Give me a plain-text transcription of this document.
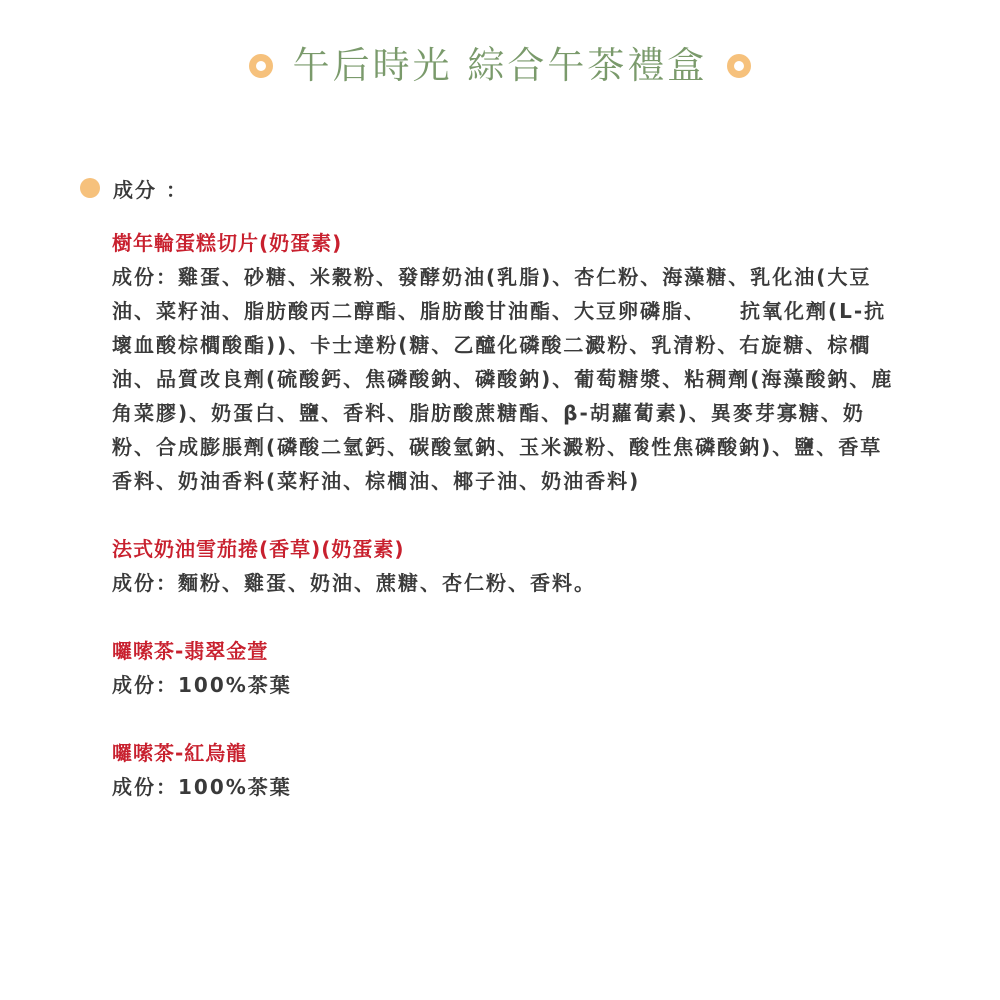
午后時光 綜合午茶禮盒
成分 ：
樹年輪蛋糕切片(奶蛋素)

成份：雞蛋、砂糖、米穀粉、發酵奶油(乳脂)、杏仁粉、海藻糖、乳化油(大豆油、菜籽油、脂肪酸丙二醇酯、脂肪酸甘油酯、大豆卵磷脂、　　抗氧化劑(L-抗壞血酸棕櫚酸酯))、卡士達粉(糖、乙醯化磷酸二澱粉、乳清粉、右旋糖、棕櫚油、品質改良劑(硫酸鈣、焦磷酸鈉、磷酸鈉)、葡萄糖漿、粘稠劑(海藻酸鈉、鹿角菜膠)、奶蛋白、鹽、香料、脂肪酸蔗糖酯、β-胡蘿蔔素)、異麥芽寡糖、奶粉、合成膨脹劑(磷酸二氫鈣、碳酸氫鈉、玉米澱粉、酸性焦磷酸鈉)、鹽、香草香料、奶油香料(菜籽油、棕櫚油、椰子油、奶油香料)

法式奶油雪茄捲(香草)(奶蛋素)

成份：麵粉、雞蛋、奶油、蔗糖、杏仁粉、香料。

囉嗦茶-翡翠金萱

成份：100%茶葉

囉嗦茶-紅烏龍

成份：100%茶葉
